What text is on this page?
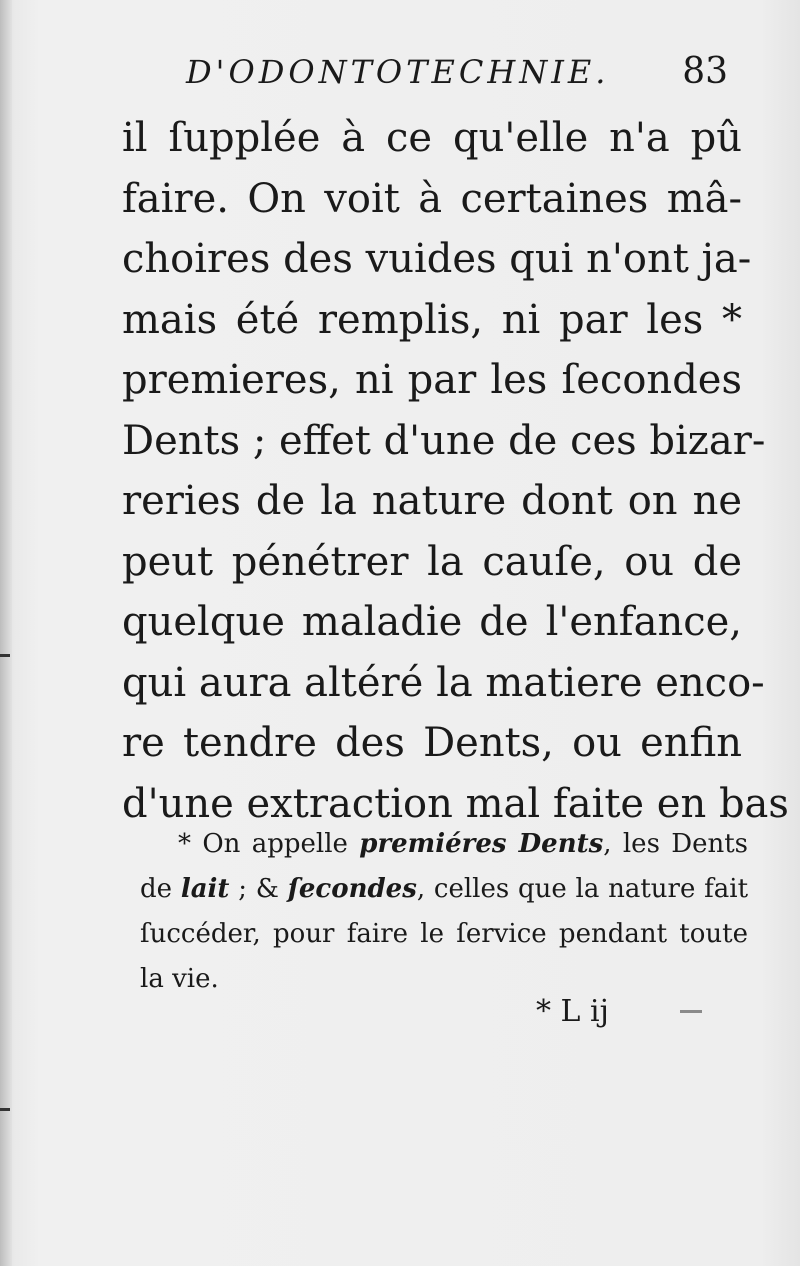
D'ODONTOTECHNIE. 83
il ſupplée à ce qu'elle n'a pû
faire. On voit à certaines mâ-
choires des vuides qui n'ont ja-
mais été remplis, ni par les *
premieres, ni par les ſecondes
Dents ; effet d'une de ces bizar-
reries de la nature dont on ne
peut pénétrer la cauſe, ou de
quelque maladie de l'enfance,
qui aura altéré la matiere enco-
re tendre des Dents, ou enfin
d'une extraction mal faite en bas
* On appelle premiéres Dents, les Dents
de lait ; & ſecondes, celles que la nature fait
ſuccéder, pour faire le ſervice pendant toute
la vie.
* L ij
